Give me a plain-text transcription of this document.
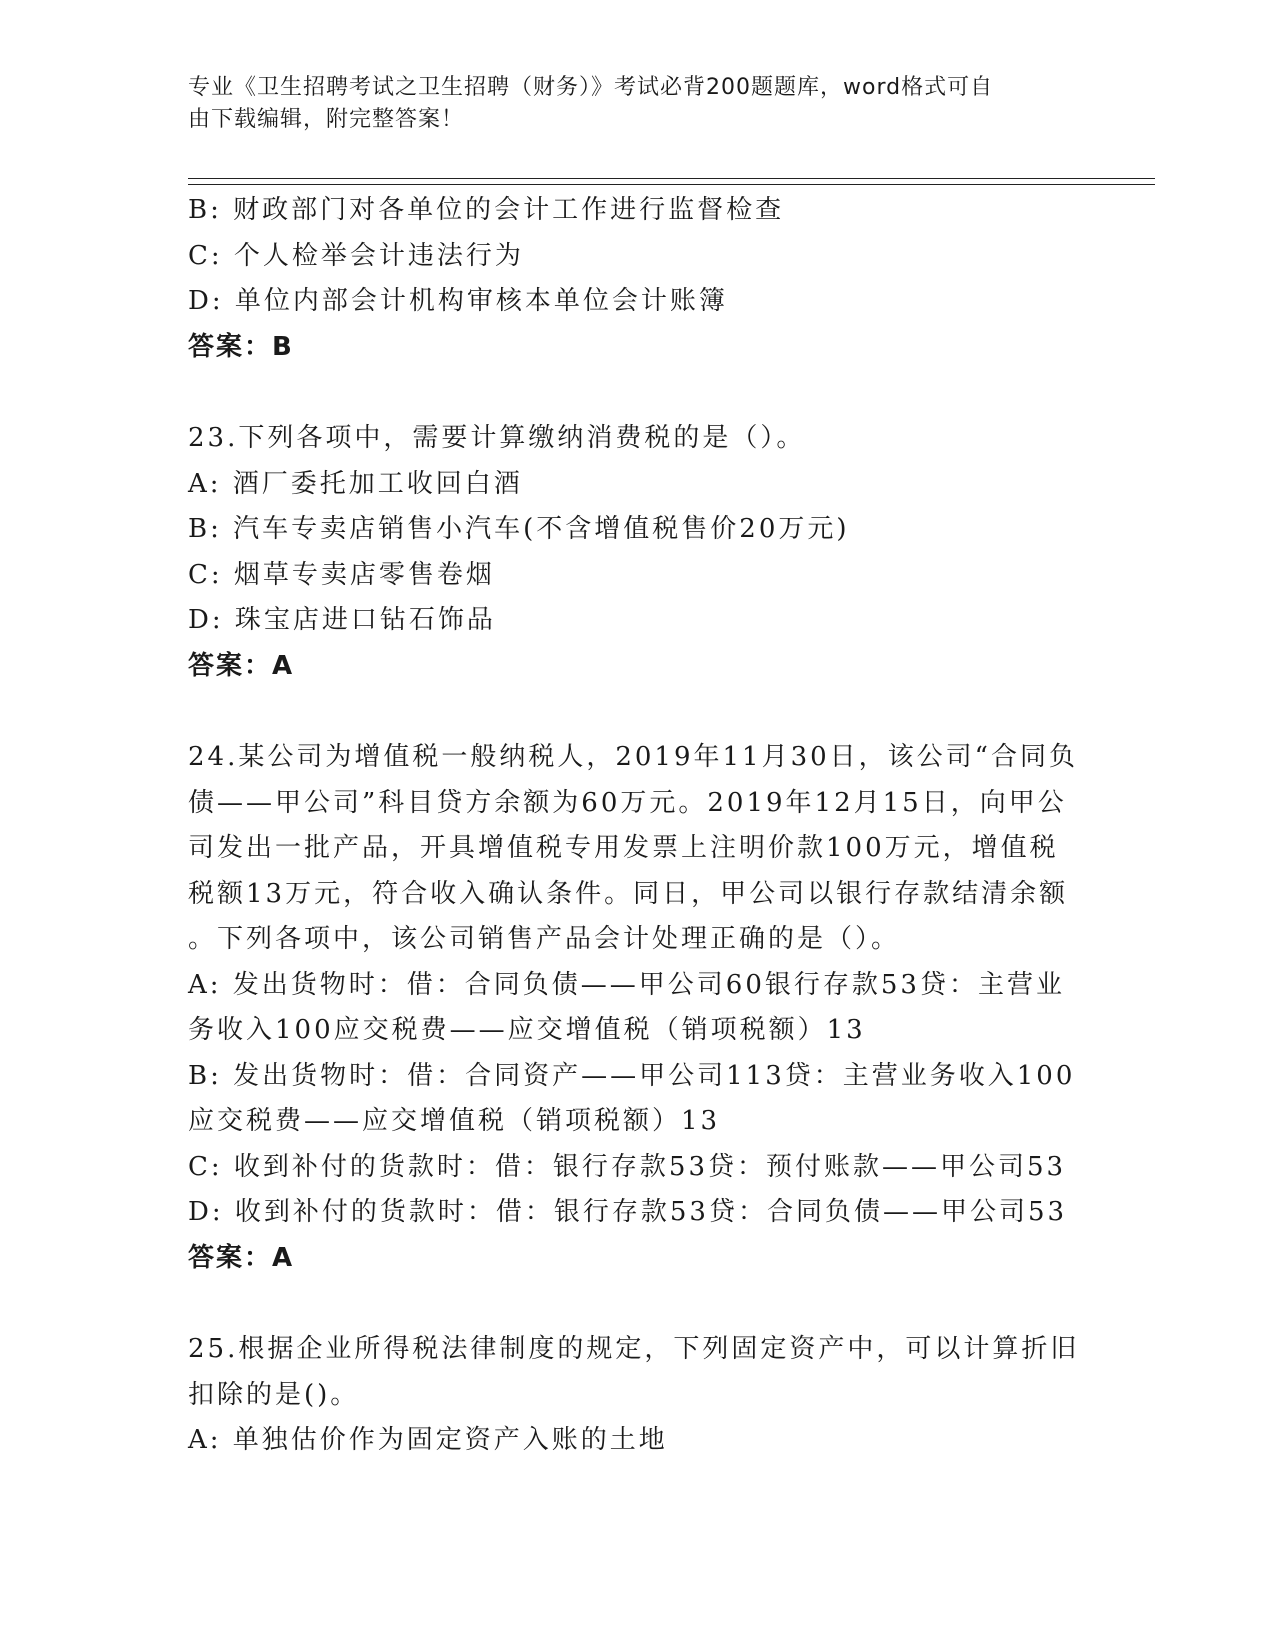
专业《卫生招聘考试之卫生招聘（财务）》考试必背200题题库，word格式可自
由下载编辑，附完整答案！
B: 财政部门对各单位的会计工作进行监督检查
C: 个人检举会计违法行为
D: 单位内部会计机构审核本单位会计账簿
答案：B
23.下列各项中，需要计算缴纳消费税的是（）。
A: 酒厂委托加工收回白酒
B: 汽车专卖店销售小汽车(不含增值税售价20万元)
C: 烟草专卖店零售卷烟
D: 珠宝店进口钻石饰品
答案：A
24.某公司为增值税一般纳税人，2019年11月30日，该公司“合同负
债——甲公司”科目贷方余额为60万元。2019年12月15日，向甲公
司发出一批产品，开具增值税专用发票上注明价款100万元，增值税
税额13万元，符合收入确认条件。同日，甲公司以银行存款结清余额
。下列各项中，该公司销售产品会计处理正确的是（）。
A: 发出货物时：借：合同负债——甲公司60银行存款53贷：主营业
务收入100应交税费——应交增值税（销项税额）13
B: 发出货物时：借：合同资产——甲公司113贷：主营业务收入100
应交税费——应交增值税（销项税额）13
C: 收到补付的货款时：借：银行存款53贷：预付账款——甲公司53
D: 收到补付的货款时：借：银行存款53贷：合同负债——甲公司53
答案：A
25.根据企业所得税法律制度的规定，下列固定资产中，可以计算折旧
扣除的是()。
A: 单独估价作为固定资产入账的土地
